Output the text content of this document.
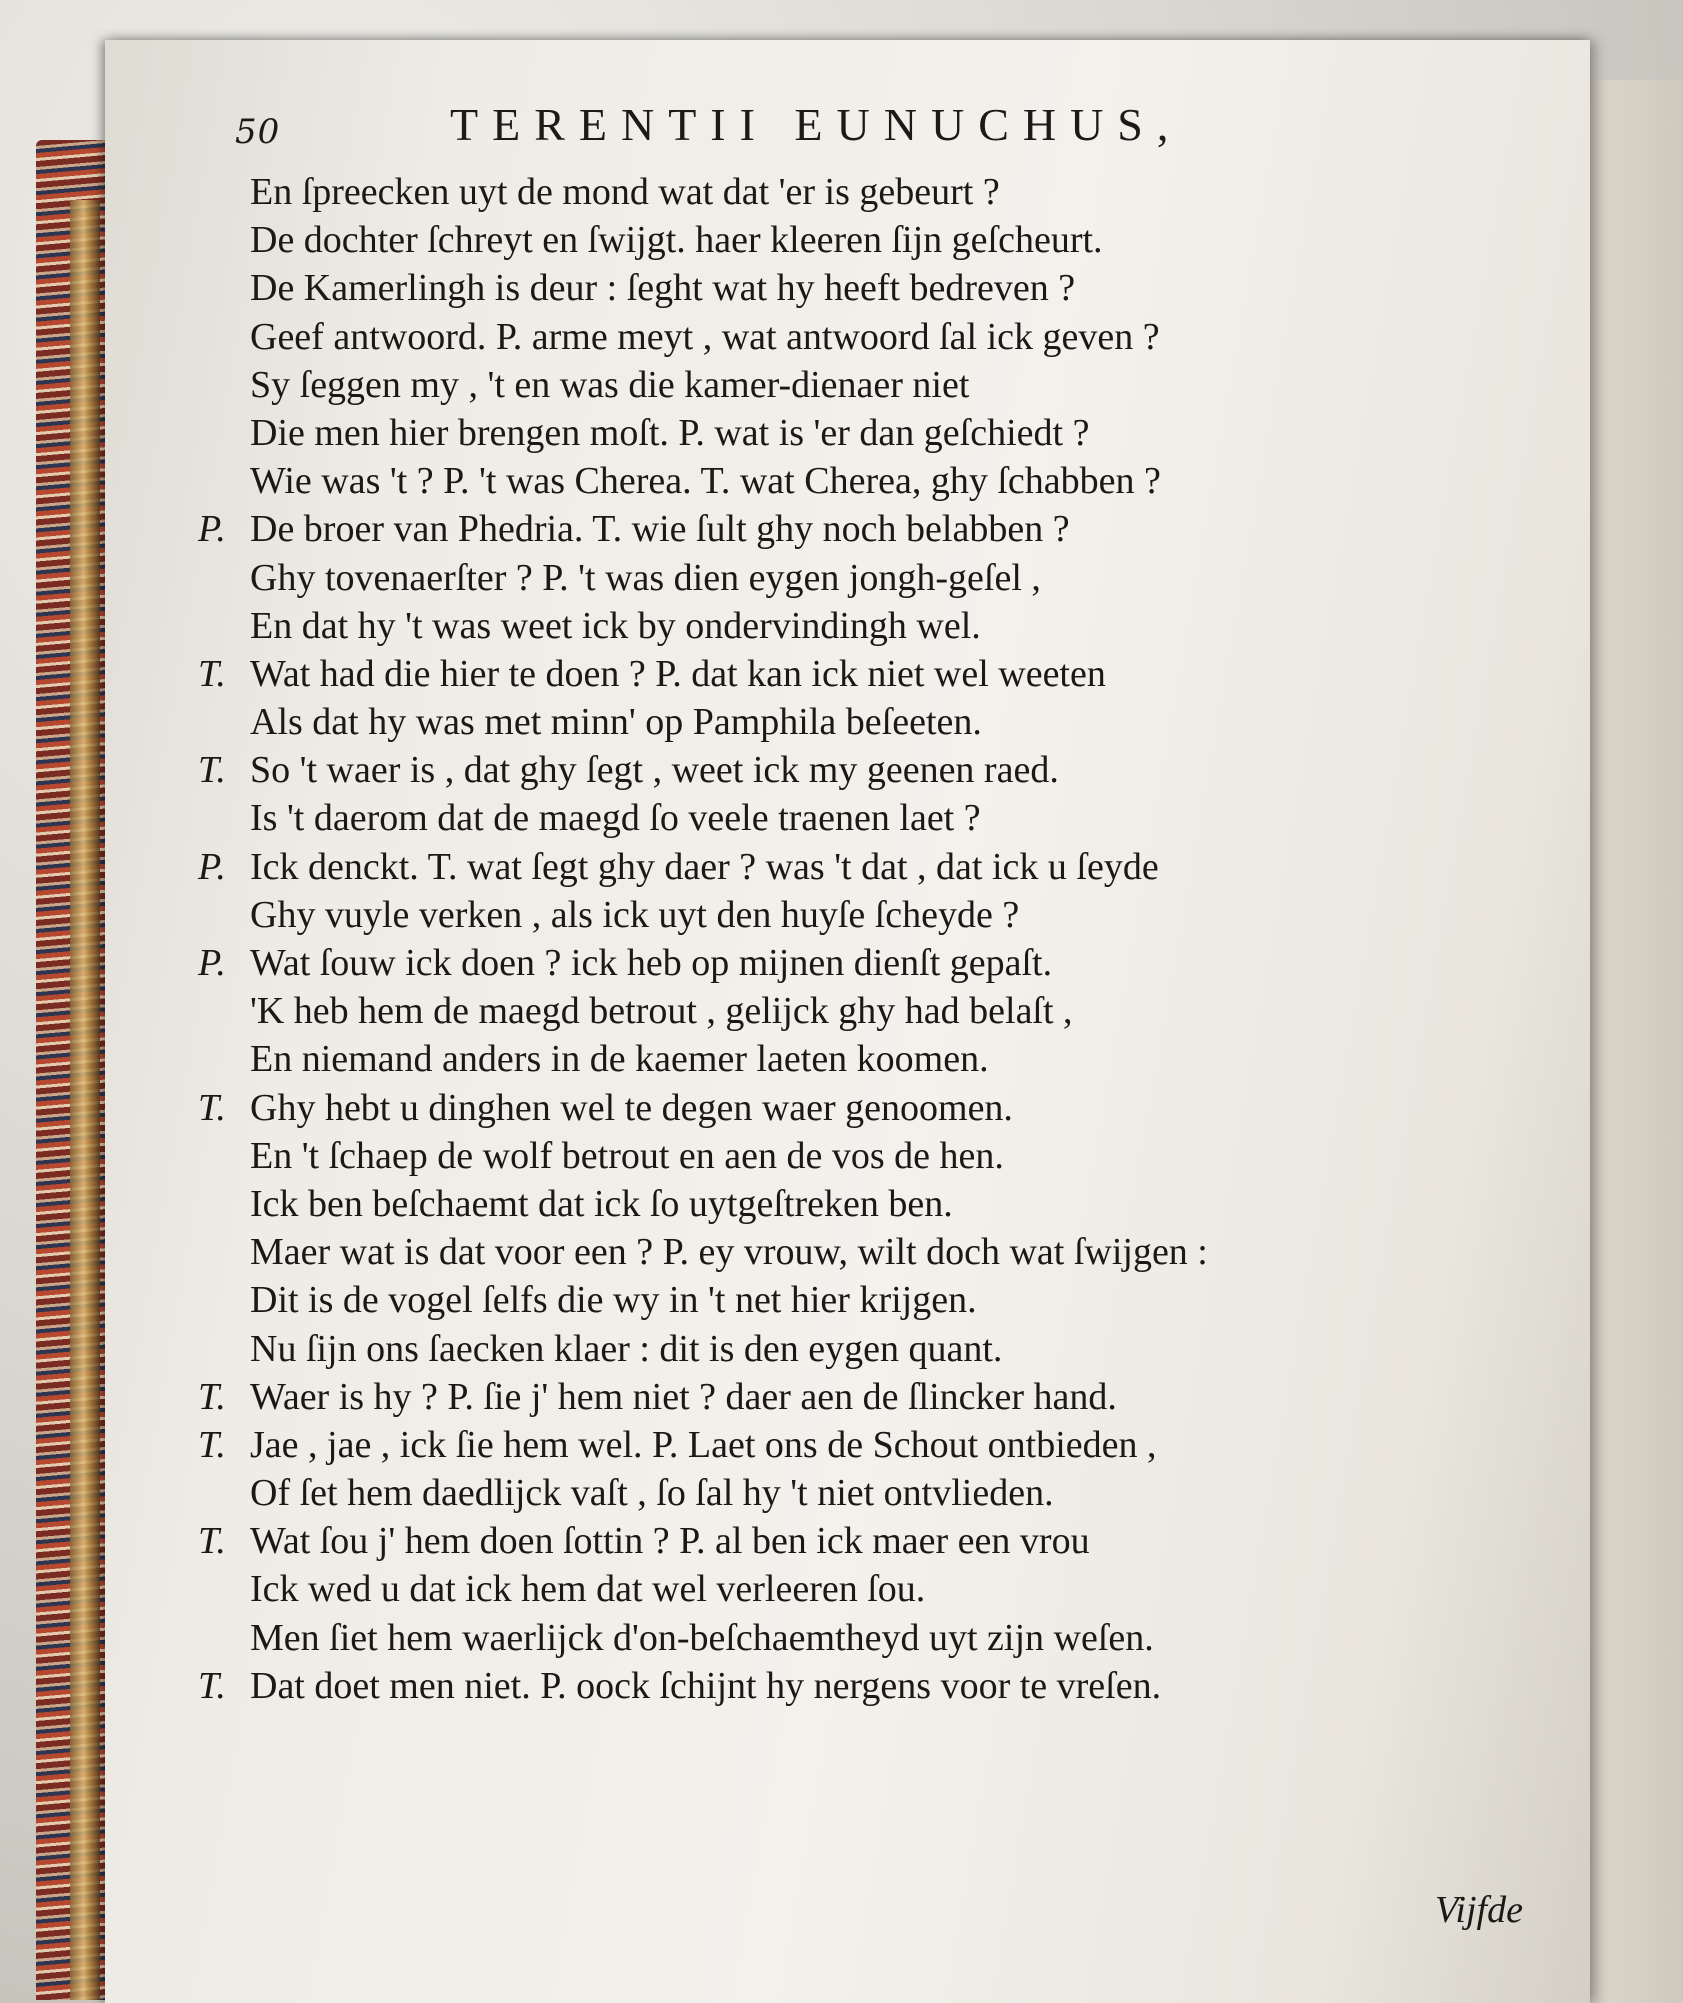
50	TERENTII EUNUCHUS,
En ſpreecken uyt de mond wat dat 'er is gebeurt ?
De dochter ſchreyt en ſwijgt. haer kleeren ſijn geſcheurt.
De Kamerlingh is deur : ſeght wat hy heeft bedreven ?
Geef antwoord. P. arme meyt , wat antwoord ſal ick geven ?
Sy ſeggen my , 't en was die kamer-dienaer niet
Die men hier brengen moſt. P. wat is 'er dan geſchiedt ?
Wie was 't ? P. 't was Cherea. T. wat Cherea, ghy ſchabben ?
P. De broer van Phedria. T. wie ſult ghy noch belabben ?
Ghy tovenaerſter ? P. 't was dien eygen jongh-geſel ,
En dat hy 't was weet ick by ondervindingh wel.
T. Wat had die hier te doen ? P. dat kan ick niet wel weeten
Als dat hy was met minn' op Pamphila beſeeten.
T. So 't waer is , dat ghy ſegt , weet ick my geenen raed.
Is 't daerom dat de maegd ſo veele traenen laet ?
P. Ick denckt. T. wat ſegt ghy daer ? was 't dat , dat ick u ſeyde
Ghy vuyle verken , als ick uyt den huyſe ſcheyde ?
P. Wat ſouw ick doen ? ick heb op mijnen dienſt gepaſt.
'K heb hem de maegd betrout , gelijck ghy had belaſt ,
En niemand anders in de kaemer laeten koomen.
T. Ghy hebt u dinghen wel te degen waer genoomen.
En 't ſchaep de wolf betrout en aen de vos de hen.
Ick ben beſchaemt dat ick ſo uytgeſtreken ben.
Maer wat is dat voor een ? P. ey vrouw, wilt doch wat ſwijgen :
Dit is de vogel ſelfs die wy in 't net hier krijgen.
Nu ſijn ons ſaecken klaer : dit is den eygen quant.
T. Waer is hy ? P. ſie j' hem niet ? daer aen de ſlincker hand.
T. Jae , jae , ick ſie hem wel. P. Laet ons de Schout ontbieden ,
Of ſet hem daedlijck vaſt , ſo ſal hy 't niet ontvlieden.
T. Wat ſou j' hem doen ſottin ? P. al ben ick maer een vrou
Ick wed u dat ick hem dat wel verleeren ſou.
Men ſiet hem waerlijck d'on-beſchaemtheyd uyt zijn weſen.
T. Dat doet men niet. P. oock ſchijnt hy nergens voor te vreſen.
Vijfde
